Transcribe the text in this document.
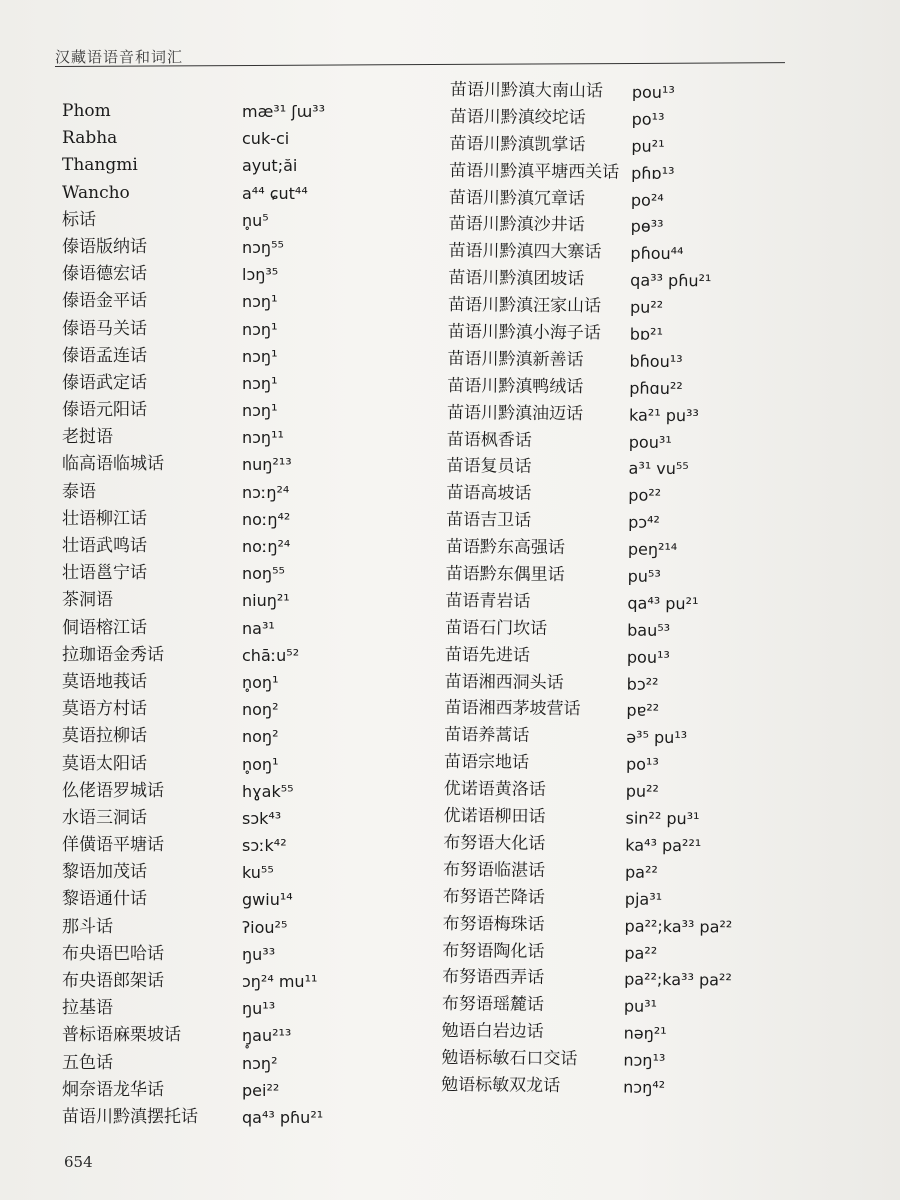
汉藏语语音和词汇
Phom	mæ³¹ ʃɯ³³
Rabha	cuk-ci
Thangmi	ayut;ăi
Wancho	a⁴⁴ ɕut⁴⁴
标话	n̥u⁵
傣语版纳话	nɔŋ⁵⁵
傣语德宏话	lɔŋ³⁵
傣语金平话	nɔŋ¹
傣语马关话	nɔŋ¹
傣语孟连话	nɔŋ¹
傣语武定话	nɔŋ¹
傣语元阳话	nɔŋ¹
老挝语	nɔŋ¹¹
临高语临城话	nuŋ²¹³
泰语	nɔːŋ²⁴
壮语柳江话	noːŋ⁴²
壮语武鸣话	noːŋ²⁴
壮语邕宁话	noŋ⁵⁵
茶洞语	niuŋ²¹
侗语榕江话	na³¹
拉珈语金秀话	chāːu⁵²
莫语地莪话	n̥oŋ¹
莫语方村话	noŋ²
莫语拉柳话	noŋ²
莫语太阳话	n̥oŋ¹
仫佬语罗城话	hɣak⁵⁵
水语三洞话	sɔk⁴³
佯僙语平塘话	sɔːk⁴²
黎语加茂话	ku⁵⁵
黎语通什话	gwiu¹⁴
那斗话	ʔiou²⁵
布央语巴哈话	ŋu³³
布央语郎架话	ɔŋ²⁴ mu¹¹
拉基语	ŋu¹³
普标语麻栗坡话	ŋ̥au²¹³
五色话	nɔŋ²
炯奈语龙华话	pei²²
苗语川黔滇摆托话	qa⁴³ pɦu²¹
苗语川黔滇大南山话 pou¹³
苗语川黔滇绞坨话	po¹³
苗语川黔滇凯掌话	pu²¹
苗语川黔滇平塘西关话 pɦɒ¹³
苗语川黔滇冗章话	po²⁴
苗语川黔滇沙井话	pɵ³³
苗语川黔滇四大寨话 pɦou⁴⁴
苗语川黔滇团坡话	qa³³ pɦu²¹
苗语川黔滇汪家山话 pu²²
苗语川黔滇小海子话 bɒ²¹
苗语川黔滇新善话	bɦou¹³
苗语川黔滇鸭绒话	pɦɑu²²
苗语川黔滇油迈话	ka²¹ pu³³
苗语枫香话	pou³¹
苗语复员话	a³¹ vu⁵⁵
苗语高坡话	po²²
苗语吉卫话	pɔ⁴²
苗语黔东高强话	peŋ²¹⁴
苗语黔东偶里话	pu⁵³
苗语青岩话	qa⁴³ pu²¹
苗语石门坎话	bau⁵³
苗语先进话	pou¹³
苗语湘西洞头话	bɔ²²
苗语湘西茅坡营话	pɐ²²
苗语养蒿话	ə³⁵ pu¹³
苗语宗地话	po¹³
优诺语黄洛话	pu²²
优诺语柳田话	sin²² pu³¹
布努语大化话	ka⁴³ pa²²¹
布努语临湛话	pa²²
布努语芒降话	pja³¹
布努语梅珠话	pa²²;ka³³ pa²²
布努语陶化话	pa²²
布努语西弄话	pa²²;ka³³ pa²²
布努语瑶麓话	pu³¹
勉语白岩边话	nəŋ²¹
勉语标敏石口交话	nɔŋ¹³
勉语标敏双龙话	nɔŋ⁴²
654
